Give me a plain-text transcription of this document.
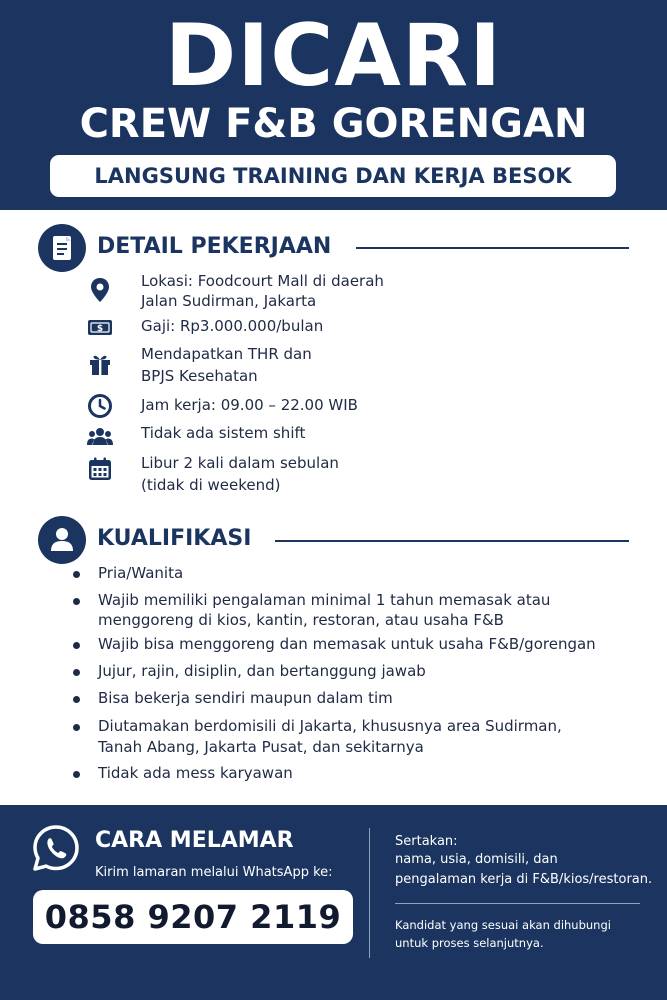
DICARI
CREW F&B GORENGAN
LANGSUNG TRAINING DAN KERJA BESOK
DETAIL PEKERJAAN
Lokasi: Foodcourt Mall di daerah
Jalan Sudirman, Jakarta
$	Gaji: Rp3.000.000/bulan
Mendapatkan THR dan
BPJS Kesehatan
Jam kerja: 09.00 – 22.00 WIB
Tidak ada sistem shift
Libur 2 kali dalam sebulan
(tidak di weekend)
KUALIFIKASI
Pria/Wanita
Wajib memiliki pengalaman minimal 1 tahun memasak atau
menggoreng di kios, kantin, restoran, atau usaha F&B
Wajib bisa menggoreng dan memasak untuk usaha F&B/gorengan
Jujur, rajin, disiplin, dan bertanggung jawab
Bisa bekerja sendiri maupun dalam tim
Diutamakan berdomisili di Jakarta, khususnya area Sudirman,
Tanah Abang, Jakarta Pusat, dan sekitarnya
Tidak ada mess karyawan
CARA MELAMAR
Kirim lamaran melalui WhatsApp ke:
0858 9207 2119
Sertakan:
nama, usia, domisili, dan
pengalaman kerja di F&B/kios/restoran.
Kandidat yang sesuai akan dihubungi
untuk proses selanjutnya.
